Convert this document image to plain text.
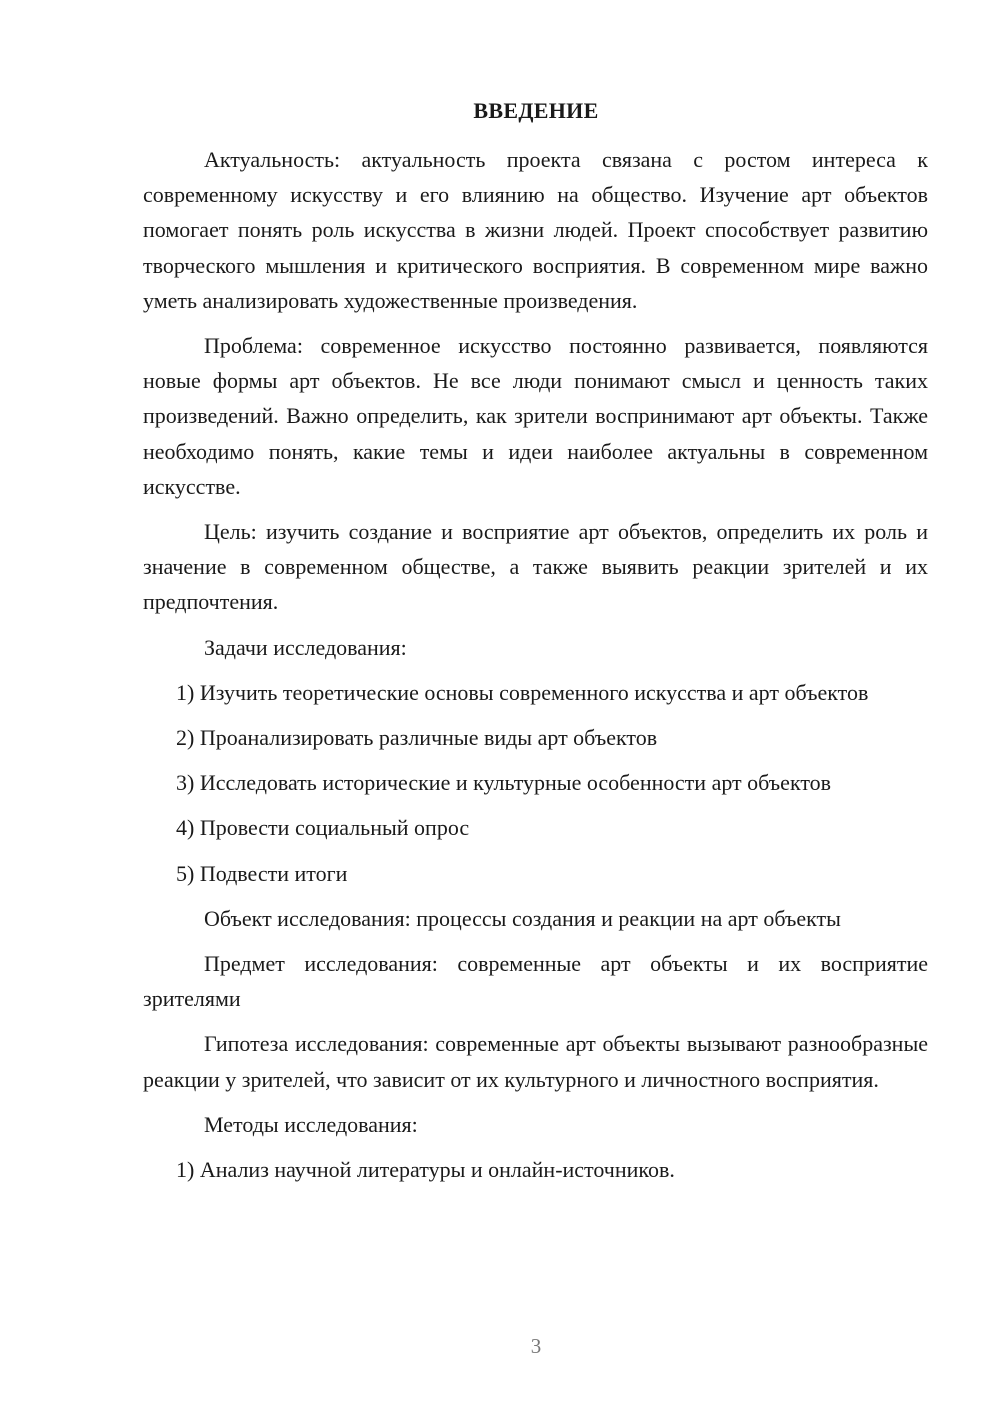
ВВЕДЕНИЕ

Актуальность: актуальность проекта связана с ростом интереса к современному искусству и его влиянию на общество. Изучение арт объектов помогает понять роль искусства в жизни людей. Проект способствует развитию творческого мышления и критического восприятия. В современном мире важно уметь анализировать художественные произведения.

Проблема: современное искусство постоянно развивается, появляются новые формы арт объектов. Не все люди понимают смысл и ценность таких произведений. Важно определить, как зрители воспринимают арт объекты. Также необходимо понять, какие темы и идеи наиболее актуальны в современном искусстве.

Цель: изучить создание и восприятие арт объектов, определить их роль и значение в современном обществе, а также выявить реакции зрителей и их предпочтения.

Задачи исследования:

1) Изучить теоретические основы современного искусства и арт объектов

2) Проанализировать различные виды арт объектов

3) Исследовать исторические и культурные особенности арт объектов

4) Провести социальный опрос

5) Подвести итоги

Объект исследования: процессы создания и реакции на арт объекты

Предмет исследования: современные арт объекты и их восприятие зрителями

Гипотеза исследования: современные арт объекты вызывают разнообразные реакции у зрителей, что зависит от их культурного и личностного восприятия.

Методы исследования:

1) Анализ научной литературы и онлайн-источников.

3
